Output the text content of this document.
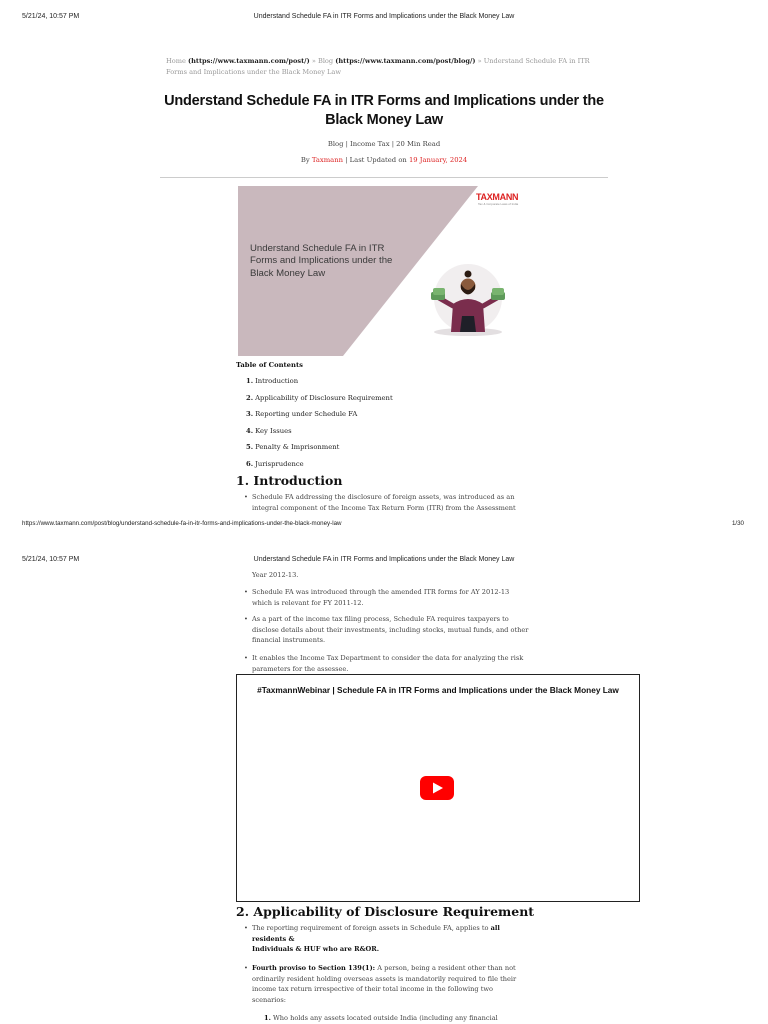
5/21/24, 10:57 PM	Understand Schedule FA in ITR Forms and Implications under the Black Money Law
Home (https://www.taxmann.com/post/) » Blog (https://www.taxmann.com/post/blog/) » Understand Schedule FA in ITR Forms and Implications under the Black Money Law
Understand Schedule FA in ITR Forms and Implications under the Black Money Law
Blog | Income Tax | 20 Min Read
By Taxmann | Last Updated on 19 January, 2024
TAXMANN
Tax & Corporate Laws of India
Understand Schedule FA in ITR Forms and Implications under the Black Money Law
Table of Contents
1. Introduction
2. Applicability of Disclosure Requirement
3. Reporting under Schedule FA
4. Key Issues
5. Penalty & Imprisonment
6. Jurisprudence
1. Introduction
• Schedule FA addressing the disclosure of foreign assets, was introduced as an integral component of the Income Tax Return Form (ITR) from the Assessment
https://www.taxmann.com/post/blog/understand-schedule-fa-in-itr-forms-and-implications-under-the-black-money-law	1/30
5/21/24, 10:57 PM	Understand Schedule FA in ITR Forms and Implications under the Black Money Law
Year 2012-13.
• Schedule FA was introduced through the amended ITR forms for AY 2012-13 which is relevant for FY 2011-12.
• As a part of the income tax filing process, Schedule FA requires taxpayers to disclose details about their investments, including stocks, mutual funds, and other financial instruments.
• It enables the Income Tax Department to consider the data for analyzing the risk parameters for the assessee.
#TaxmannWebinar | Schedule FA in ITR Forms and Implications under the Black Money Law
2. Applicability of Disclosure Requirement
• The reporting requirement of foreign assets in Schedule FA, applies to all residents &
Individuals & HUF who are R&OR.
• Fourth proviso to Section 139(1): A person, being a resident other than not ordinarily resident holding overseas assets is mandatorily required to file their income tax return irrespective of their total income in the following two scenarios:
1. Who holds any assets located outside India (including any financial
